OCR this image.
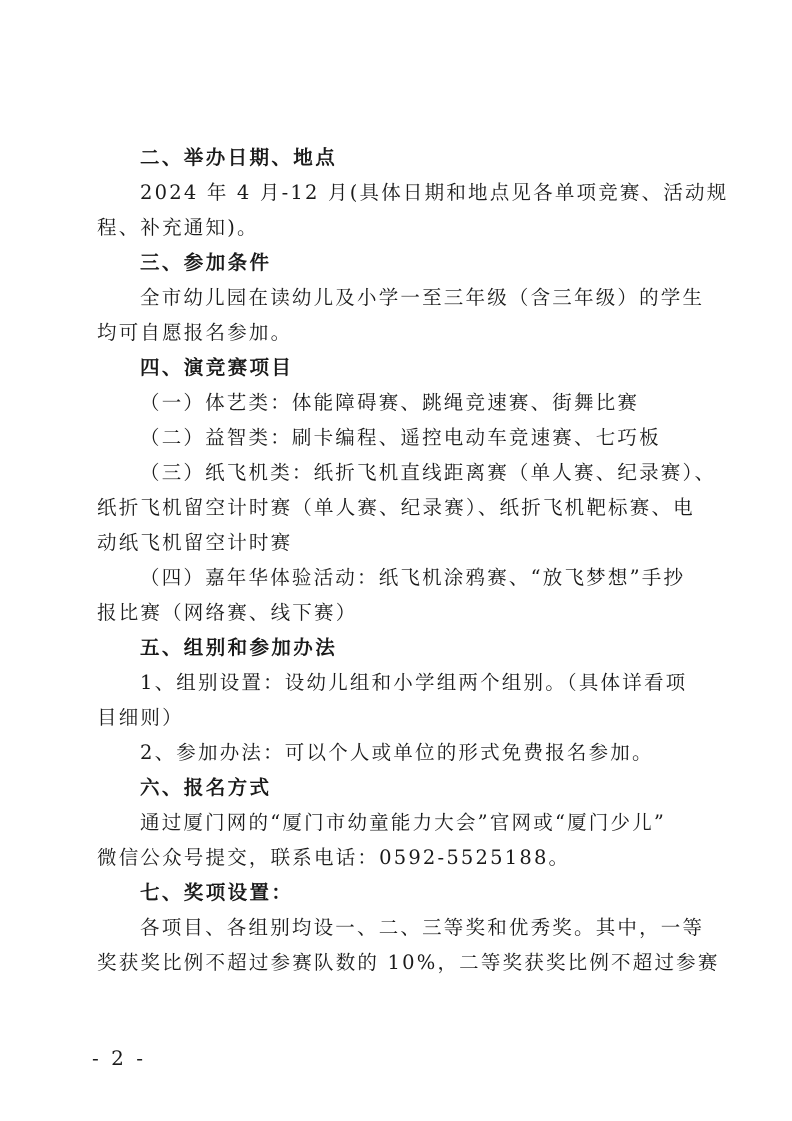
二、举办日期、地点
2024 年 4 月-12 月(具体日期和地点见各单项竞赛、活动规
程、补充通知)。
三、参加条件
全市幼儿园在读幼儿及小学一至三年级（含三年级）的学生
均可自愿报名参加。
四、演竞赛项目
（一）体艺类：体能障碍赛、跳绳竞速赛、街舞比赛
（二）益智类：刷卡编程、遥控电动车竞速赛、七巧板
（三）纸飞机类：纸折飞机直线距离赛（单人赛、纪录赛）、
纸折飞机留空计时赛（单人赛、纪录赛）、纸折飞机靶标赛、电
动纸飞机留空计时赛
（四）嘉年华体验活动：纸飞机涂鸦赛、“放飞梦想”手抄
报比赛（网络赛、线下赛）
五、组别和参加办法
1、组别设置：设幼儿组和小学组两个组别。（具体详看项
目细则）
2、参加办法：可以个人或单位的形式免费报名参加。
六、报名方式
通过厦门网的“厦门市幼童能力大会”官网或“厦门少儿”
微信公众号提交，联系电话：0592-5525188。
七、奖项设置：
各项目、各组别均设一、二、三等奖和优秀奖。其中，一等
奖获奖比例不超过参赛队数的 10%，二等奖获奖比例不超过参赛
- 2 -
